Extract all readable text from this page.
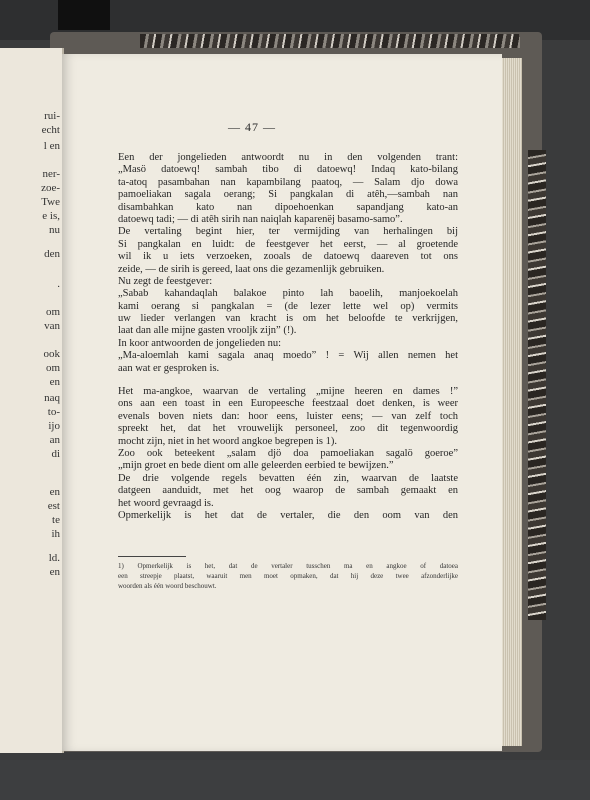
rui-
echt
l en
ner-
zoe-
Twe
e is,
nu
den
.
om
van
ook
om
en
naq
to-
ijo
an
di
en
est
te
ih
ld.
en
— 47 —
Een der jongelieden antwoordt nu in den volgenden trant:
„Masö datoewq! sambah tibo di datoewq! Indaq kato-bilang
ta-atoq pasambahan nan kapambilang paatoq, — Salam djo dowa
pamoeliakan sagala oerang; Si pangkalan di atêh,—sambah nan
disambahkan kato nan dipoehoenkan sapandjang kato-an
datoewq tadi; — di atêh sirih nan naiqlah kaparenëj basamo-samo”.
De vertaling begint hier, ter vermijding van herhalingen bij
Si pangkalan en luidt: de feestgever het eerst, — al groetende
wil ik u iets verzoeken, zooals de datoewq daareven tot ons
zeide, — de sirih is gereed, laat ons die gezamenlijk gebruiken.
Nu zegt de feestgever:
„Sabab kahandaqlah balakoe pinto lah baoelih, manjoekoelah
kami oerang si pangkalan = (de lezer lette wel op) vermits
uw lieder verlangen van kracht is om het beloofde te verkrijgen,
laat dan alle mijne gasten vrooljk zijn” (!).
In koor antwoorden de jongelieden nu:
„Ma-aloemlah kami sagala anaq moedo” ! = Wij allen nemen het
aan wat er gesproken is.
Het ma-angkoe, waarvan de vertaling „mijne heeren en dames !”
ons aan een toast in een Europeesche feestzaal doet denken, is weer
evenals boven niets dan: hoor eens, luister eens; — van zelf toch
spreekt het, dat het vrouwelijk personeel, zoo dit tegenwoordig
mocht zijn, niet in het woord angkoe begrepen is 1).
Zoo ook beteekent „salam djö doa pamoeliakan sagalö goeroe”
„mijn groet en bede dient om alle geleerden eerbied te bewijzen.”
De drie volgende regels bevatten één zin, waarvan de laatste
datgeen aanduidt, met het oog waarop de sambah gemaakt en
het woord gevraagd is.
Opmerkelijk is het dat de vertaler, die den oom van den
1) Opmerkelijk is het, dat de vertaler tusschen ma en angkoe of datoea
een streepje plaatst, waaruit men moet opmaken, dat hij deze twee afzonderlijke
woorden als één woord beschouwt.
